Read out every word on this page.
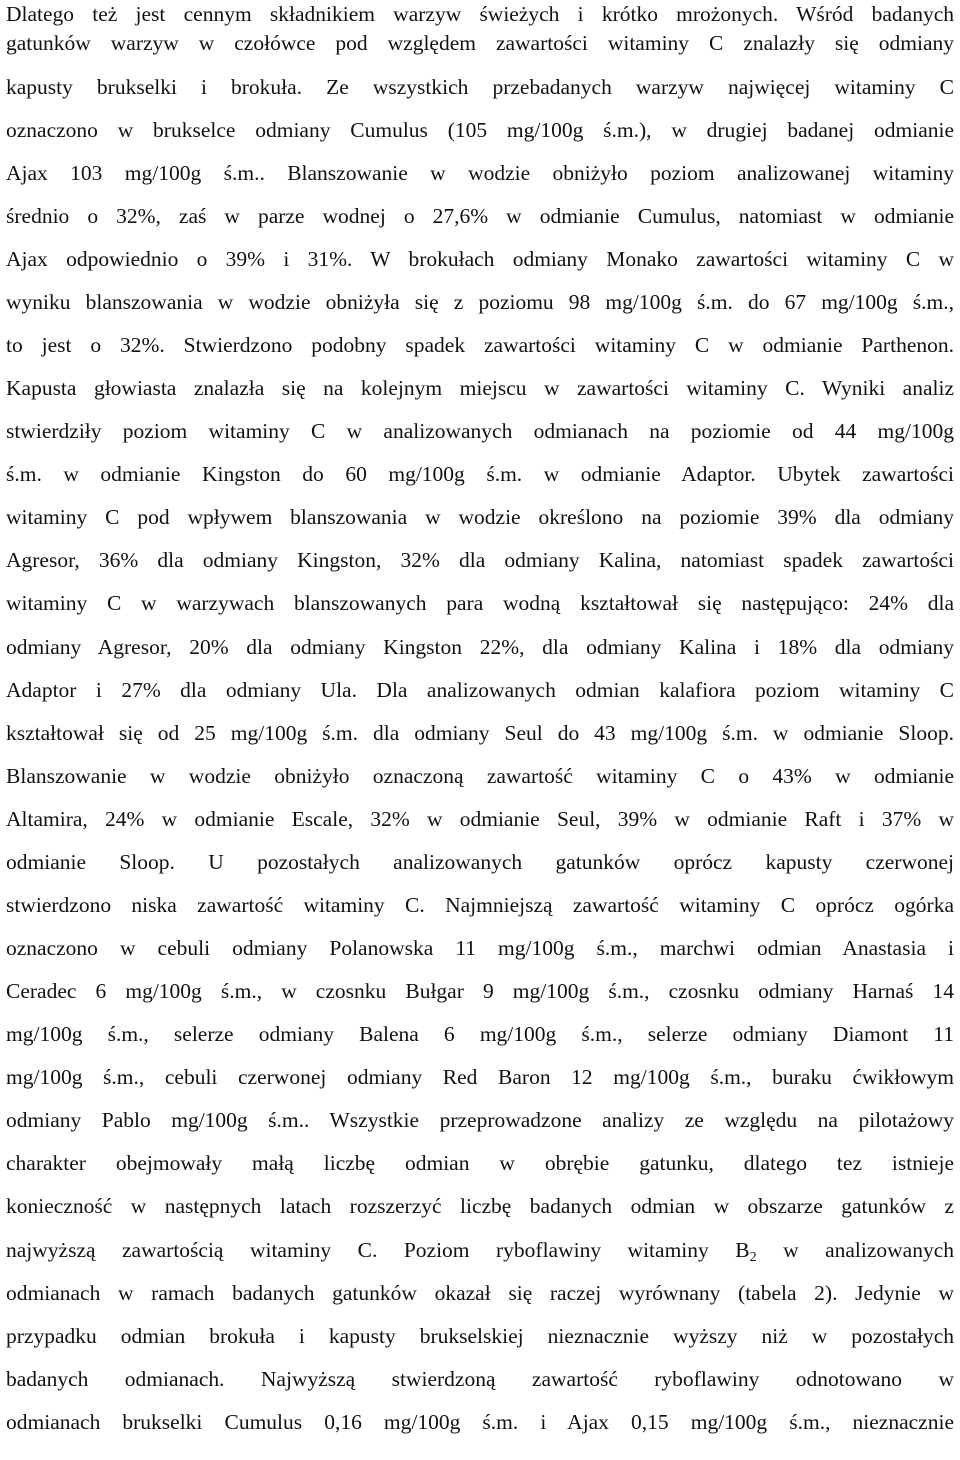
Dlatego też jest cennym składnikiem warzyw świeżych i krótko mrożonych. Wśród badanych
gatunków warzyw w czołówce pod względem zawartości witaminy C znalazły się odmiany
kapusty brukselki i brokuła. Ze wszystkich przebadanych warzyw najwięcej witaminy C
oznaczono w brukselce odmiany Cumulus (105 mg/100g ś.m.), w drugiej badanej odmianie
Ajax 103 mg/100g ś.m.. Blanszowanie w wodzie obniżyło poziom analizowanej witaminy
średnio o 32%, zaś w parze wodnej o 27,6% w odmianie Cumulus, natomiast w odmianie
Ajax odpowiednio o 39% i 31%. W brokułach odmiany Monako zawartości witaminy C w
wyniku blanszowania w wodzie obniżyła się z poziomu 98 mg/100g ś.m. do 67 mg/100g ś.m.,
to jest o 32%. Stwierdzono podobny spadek zawartości witaminy C w odmianie Parthenon.
Kapusta głowiasta znalazła się na kolejnym miejscu w zawartości witaminy C. Wyniki analiz
stwierdziły poziom witaminy C w analizowanych odmianach na poziomie od 44 mg/100g
ś.m. w odmianie Kingston do 60 mg/100g ś.m. w odmianie Adaptor. Ubytek zawartości
witaminy C pod wpływem blanszowania w wodzie określono na poziomie 39% dla odmiany
Agresor, 36% dla odmiany Kingston, 32% dla odmiany Kalina, natomiast spadek zawartości
witaminy C w warzywach blanszowanych para wodną kształtował się następująco: 24% dla
odmiany Agresor, 20% dla odmiany Kingston 22%, dla odmiany Kalina i 18% dla odmiany
Adaptor i 27% dla odmiany Ula. Dla analizowanych odmian kalafiora poziom witaminy C
kształtował się od 25 mg/100g ś.m. dla odmiany Seul do 43 mg/100g ś.m. w odmianie Sloop.
Blanszowanie w wodzie obniżyło oznaczoną zawartość witaminy C o 43% w odmianie
Altamira, 24% w odmianie Escale, 32% w odmianie Seul, 39% w odmianie Raft i 37% w
odmianie Sloop. U pozostałych analizowanych gatunków oprócz kapusty czerwonej
stwierdzono niska zawartość witaminy C. Najmniejszą zawartość witaminy C oprócz ogórka
oznaczono w cebuli odmiany Polanowska 11 mg/100g ś.m., marchwi odmian Anastasia i
Ceradec 6 mg/100g ś.m., w czosnku Bułgar 9 mg/100g ś.m., czosnku odmiany Harnaś 14
mg/100g ś.m., selerze odmiany Balena 6 mg/100g ś.m., selerze odmiany Diamont 11
mg/100g ś.m., cebuli czerwonej odmiany Red Baron 12 mg/100g ś.m., buraku ćwikłowym
odmiany Pablo mg/100g ś.m.. Wszystkie przeprowadzone analizy ze względu na pilotażowy
charakter obejmowały małą liczbę odmian w obrębie gatunku, dlatego tez istnieje
konieczność w następnych latach rozszerzyć liczbę badanych odmian w obszarze gatunków z
najwyższą zawartością witaminy C. Poziom ryboflawiny witaminy $B_2$ w analizowanych
odmianach w ramach badanych gatunków okazał się raczej wyrównany (tabela 2). Jedynie w
przypadku odmian brokuła i kapusty brukselskiej nieznacznie wyższy niż w pozostałych
badanych odmianach. Najwyższą stwierdzoną zawartość ryboflawiny odnotowano w
odmianach brukselki Cumulus 0,16 mg/100g ś.m. i Ajax 0,15 mg/100g ś.m., nieznacznie
